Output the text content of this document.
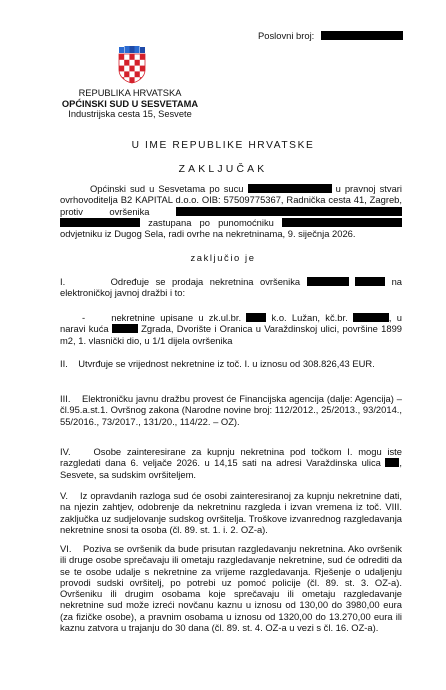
Poslovni broj:
REPUBLIKA HRVATSKA
OPĆINSKI SUD U SESVETAMA
Industrijska cesta 15, Sesvete
U IME REPUBLIKE HRVATSKE
ZAKLJUČAK
Općinski sud u Sesvetama po sucu	u pravnoj stvari ovrhovoditelja B2 KAPITAL d.o.o. OIB: 57509775367, Radnička cesta 41, Zagreb, protiv ovršenika   zastupana po punomoćniku  odvjetniku iz Dugog Sela, radi ovrhe na nekretninama, 9. siječnja 2026.
zaključio je
I.	Određuje se prodaja nekretnina ovršenika	na elektroničkoj javnoj dražbi i to:
-	nekretnine upisane u zk.ul.br.	k.o. Lužan, kč.br.	, u naravi kuća	Zgrada, Dvorište i Oranica u Varaždinskoj ulici, površine 1899 m2, 1. vlasnički dio, u 1/1 dijela ovršenika
II.    Utvrđuje se vrijednost nekretnine iz toč. I. u iznosu od 308.826,43 EUR.
III.    Elektroničku javnu dražbu provest će Financijska agencija (dalje: Agencija) – čl.95.a.st.1. Ovršnog zakona (Narodne novine broj: 112/2012., 25/2013., 93/2014., 55/2016., 73/2017., 131/20., 114/22. – OZ).
IV.    Osobe zainteresirane za kupnju nekretnina pod točkom I. mogu iste razgledati dana 6. veljače 2026. u 14,15 sati na adresi Varaždinska ulica , Sesvete, sa sudskim ovršiteljem.
V.    Iz opravdanih razloga sud će osobi zainteresiranoj za kupnju nekretnine dati, na njezin zahtjev, odobrenje da nekretninu razgleda i izvan vremena iz toč. VIII. zaključka uz sudjelovanje sudskog ovršitelja. Troškove izvanrednog razgledavanja nekretnine snosi ta osoba (čl. 89. st. 1. i. 2. OZ-a).
VI.    Poziva se ovršenik da bude prisutan razgledavanju nekretnina. Ako ovršenik ili druge osobe sprečavaju ili ometaju razgledavanje nekretnine, sud će odrediti da se te osobe udalje s nekretnine za vrijeme razgledavanja. Rješenje o udaljenju provodi sudski ovršitelj, po potrebi uz pomoć policije (čl. 89. st. 3. OZ-a). Ovršeniku ili drugim osobama koje sprečavaju ili ometaju razgledavanje nekretnine sud može izreći novčanu kaznu u iznosu od 130,00 do 3980,00 eura (za fizičke osobe), a pravnim osobama u iznosu od 1320,00 do 13.270,00 eura ili kaznu zatvora u trajanju do 30 dana (čl. 89. st. 4. OZ-a u vezi s čl. 16. OZ-a).
